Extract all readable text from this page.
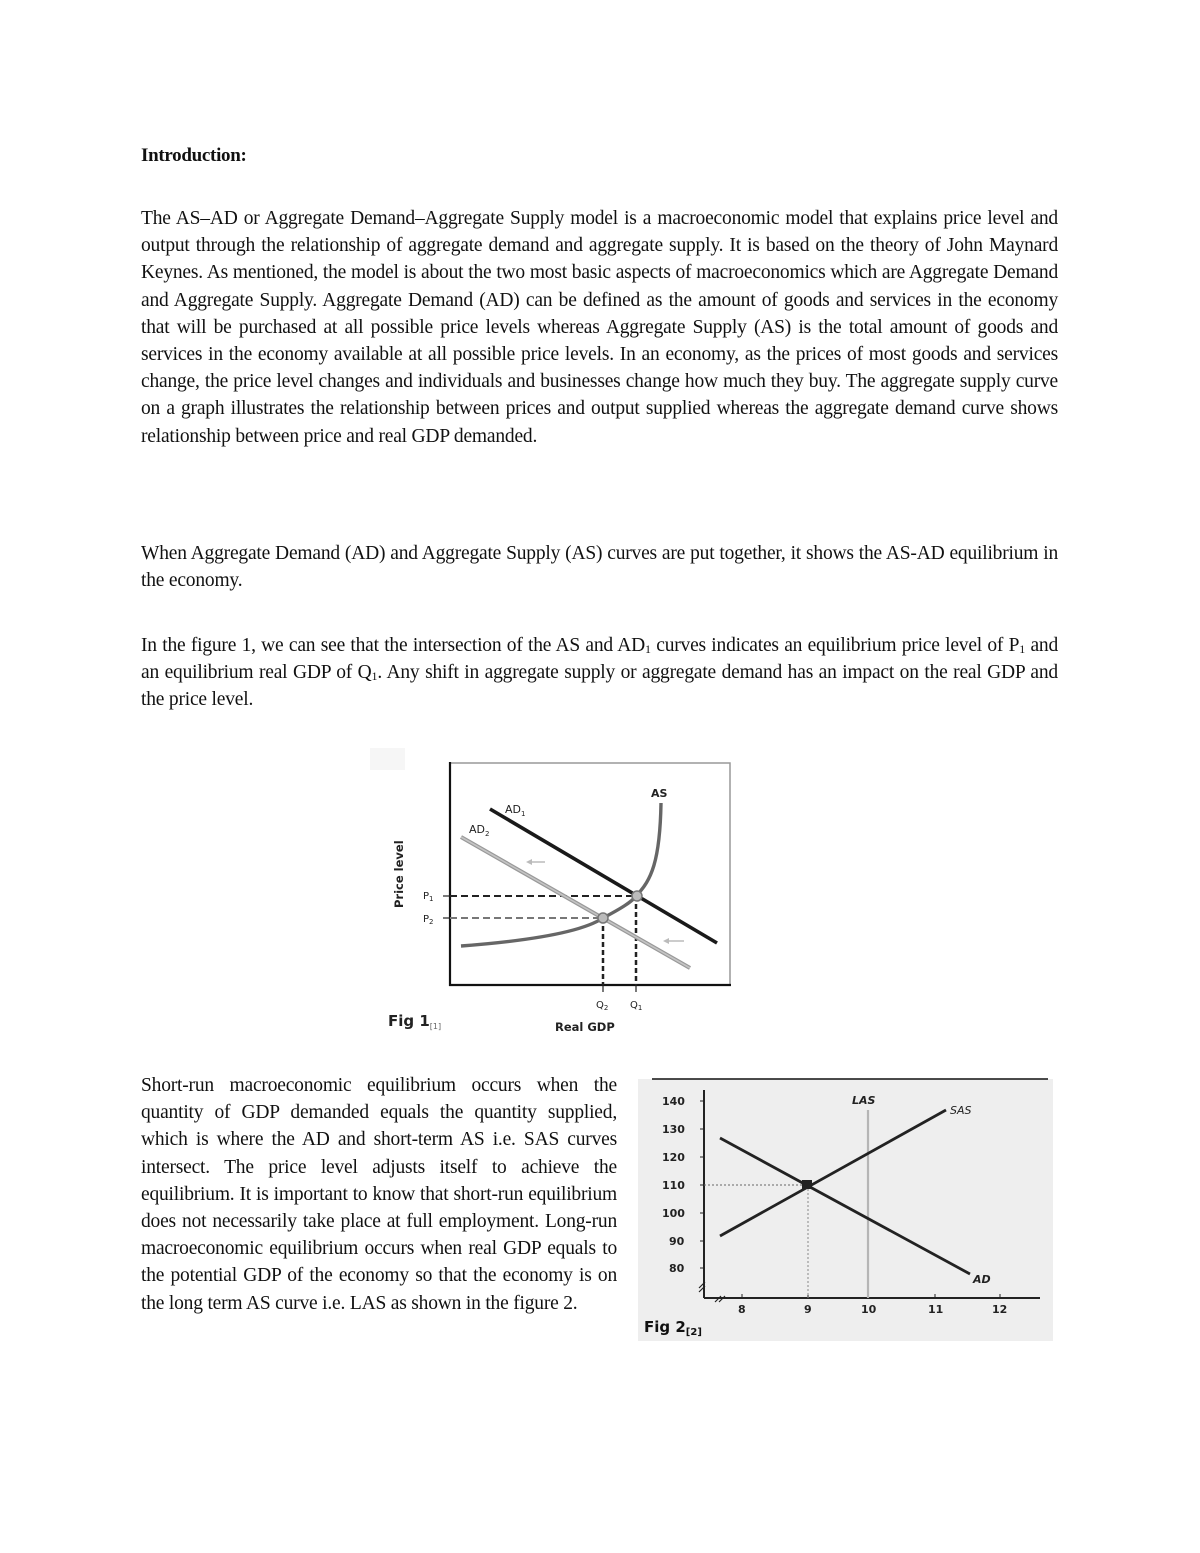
Introduction:

The AS–AD or Aggregate Demand–Aggregate Supply model is a macroeconomic model that explains price level and output through the relationship of aggregate demand and aggregate supply. It is based on the theory of John Maynard Keynes. As mentioned, the model is about the two most basic aspects of macroeconomics which are Aggregate Demand and Aggregate Supply. Aggregate Demand (AD) can be defined as the amount of goods and services in the economy that will be purchased at all possible price levels whereas Aggregate Supply (AS) is the total amount of goods and services in the economy available at all possible price levels. In an economy, as the prices of most goods and services change, the price level changes and individuals and businesses change how much they buy. The aggregate supply curve on a graph illustrates the relationship between prices and output supplied whereas the aggregate demand curve shows relationship between price and real GDP demanded.

When Aggregate Demand (AD) and Aggregate Supply (AS) curves are put together, it shows the AS-AD equilibrium in the economy.

In the figure 1, we can see that the intersection of the AS and $AD_1$ curves indicates an equilibrium price level of $P_1$ and an equilibrium real GDP of $Q_1$. Any shift in aggregate supply or aggregate demand has an impact on the real GDP and the price level.

$AD_1$
$AD_2$
AS
$P_1$
$P_2$
$Q_2$ $Q_1$
Price level
Real GDP
Fig $1_{[1]}$

Short-run macroeconomic equilibrium occurs when the quantity of GDP demanded equals the quantity supplied, which is where the AD and short-term AS i.e. SAS curves intersect. The price level adjusts itself to achieve the equilibrium. It is important to know that short-run equilibrium does not necessarily take place at full employment. Long-run macroeconomic equilibrium occurs when real GDP equals to the potential GDP of the economy so that the economy is on the long term AS curve i.e. LAS as shown in the figure 2.

140
130
120
110
100
90
80
8	9	10	11	12
LAS
SAS
AD
Fig $2_{[2]}$
